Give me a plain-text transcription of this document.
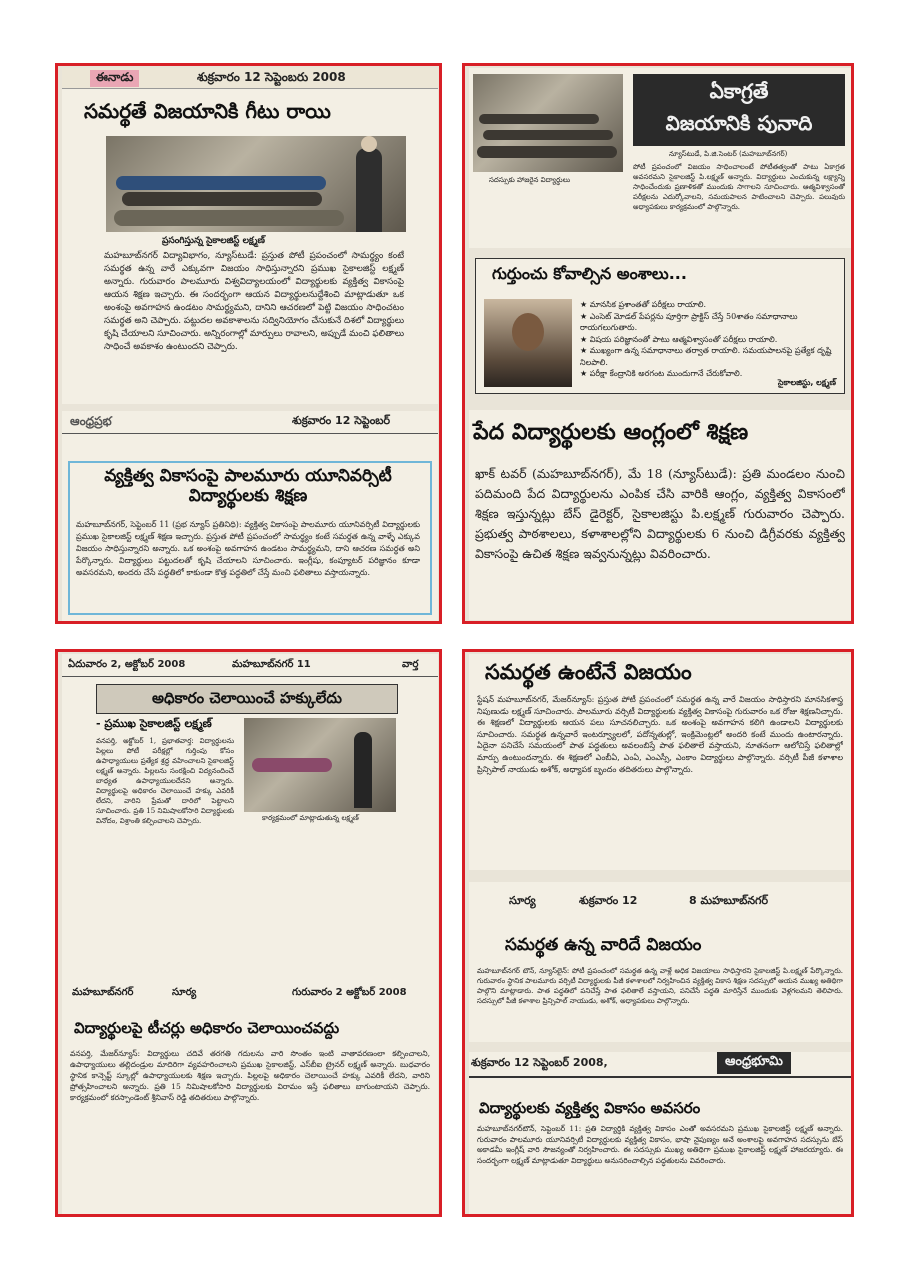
ఈనాడు	శుక్రవారం 12 సెప్టెంబరు 2008
సమర్థతే విజయానికి గీటు రాయి
ప్రసంగిస్తున్న సైకాలజిస్ట్ లక్ష్మణ్
మహబూబ్‌నగర్ విద్యావిభాగం, న్యూస్‌టుడే: ప్రస్తుత పోటీ ప్రపంచంలో సామర్థ్యం కంటే సమర్థత ఉన్న వారే ఎక్కువగా విజయం సాధిస్తున్నారని ప్రముఖ సైకాలజిస్ట్ లక్ష్మణ్ అన్నారు. గురువారం పాలమూరు విశ్వవిద్యాలయంలో విద్యార్థులకు వ్యక్తిత్వ వికాసంపై ఆయన శిక్షణ ఇచ్చారు. ఈ సందర్భంగా ఆయన విద్యార్థులనుద్దేశించి మాట్లాడుతూ ఒక అంశంపై అవగాహన ఉండటం సామర్థ్యమని, దానిని ఆచరణలో పెట్టి విజయం సాధించటం సమర్థత అని చెప్పారు. పట్టుదల అవకాశాలను సద్వినియోగం చేసుకునే దిశలో విద్యార్థులు కృషి చేయాలని సూచించారు. అన్నిరంగాల్లో మార్పులు రావాలని, అప్పుడే మంచి ఫలితాలు సాధించే అవకాశం ఉంటుందని చెప్పారు.
ఆంధ్రప్రభ	శుక్రవారం 12 సెప్టెంబర్
వ్యక్తిత్వ వికాసంపై పాలమూరు యూనివర్సిటీ విద్యార్థులకు శిక్షణ
మహబూబ్‌నగర్, సెప్టెంబర్ 11 (ప్రభ న్యూస్ ప్రతినిధి): వ్యక్తిత్వ వికాసంపై పాలమూరు యూనివర్సిటీ విద్యార్థులకు ప్రముఖ సైకాలజిస్ట్ లక్ష్మణ్ శిక్షణ ఇచ్చారు. ప్రస్తుత పోటీ ప్రపంచంలో సామర్థ్యం కంటే సమర్థత ఉన్న వాళ్ళే ఎక్కువ విజయం సాధిస్తున్నారని అన్నారు. ఒక అంశంపై అవగాహన ఉండటం సామర్థ్యమని, దాని ఆచరణ సమర్థత అని పేర్కొన్నారు. విద్యార్థులు పట్టుదలతో కృషి చేయాలని సూచించారు. ఇంగ్లీషు, కంప్యూటర్ పరిజ్ఞానం కూడా అవసరమని, అందరు చేసే పద్ధతిలో కాకుండా కొత్త పద్ధతిలో చేస్తే మంచి ఫలితాలు వస్తాయన్నారు.
సదస్సుకు హాజరైన విద్యార్థులు
ఏకాగ్రతే
విజయానికి పునాది
న్యూస్‌టుడే, పి.జి.సెంటర్ (మహబూబ్‌నగర్)
పోటీ ప్రపంచంలో విజయం సాధించాలంటే పోటీతత్వంతో పాటు ఏకాగ్రత అవసరమని సైకాలజిస్ట్ పి.లక్ష్మణ్ అన్నారు. విద్యార్థులు ఎంచుకున్న లక్ష్యాన్ని సాధించేందుకు ప్రణాళికతో ముందుకు సాగాలని సూచించారు. ఆత్మవిశ్వాసంతో పరీక్షలను ఎదుర్కోవాలని, సమయపాలన పాటించాలని చెప్పారు. పలువురు అధ్యాపకులు కార్యక్రమంలో పాల్గొన్నారు.
గుర్తుంచు కోవాల్సిన అంశాలు...
★ మానసిక ప్రశాంతతో పరీక్షలు రాయాలి.
★ ఎంసెట్ మోడల్ పేపర్లను పూర్తిగా ప్రాక్టిస్ చేస్తే 50శాతం సమాధానాలు రాయగలుగుతారు.
★ విషయ పరిజ్ఞానంతో పాటు ఆత్మవిశ్వాసంతో పరీక్షలు రాయాలి.
★ ముఖ్యంగా ఉన్న సమాధానాలు తర్వాత రాయాలి. సమయపాలనపై ప్రత్యేక దృష్టి నిలపాలి.
★ పరీక్షా కేంద్రానికి అరగంట ముందుగానే చేరుకోవాలి.
సైకాలజిస్టు, లక్ష్మణ్
పేద విద్యార్థులకు ఆంగ్లంలో శిక్షణ
ఖాక్ టవర్ (మహబూబ్‌నగర్), మే 18 (న్యూస్‌టుడే): ప్రతి మండలం నుంచి పదిమంది పేద విద్యార్థులను ఎంపిక చేసి వారికి ఆంగ్లం, వ్యక్తిత్వ వికాసంలో శిక్షణ ఇస్తున్నట్లు బేస్ డైరెక్టర్, సైకాలజిస్టు పి.లక్ష్మణ్ గురువారం చెప్పారు. ప్రభుత్వ పాఠశాలలు, కళాశాలల్లోని విద్యార్థులకు 6 నుంచి డిగ్రీవరకు వ్యక్తిత్వ వికాసంపై ఉచిత శిక్షణ ఇవ్వనున్నట్లు వివరించారు.
ఏదువారం 2, అక్టోబర్ 2008	మహబూబ్‌నగర్ 11	వార్త
అధికారం చెలాయించే హక్కులేదు
- ప్రముఖ సైకాలజిస్ట్ లక్ష్మణ్
వనపర్తి, అక్టోబర్ 1, ప్రభాతవార్త: విద్యార్థులను పిల్లలు పోటీ పరీక్షల్లో గుర్తింపు కోసం ఉపాధ్యాయులు ప్రత్యేక శ్రద్ధ వహించాలని సైకాలజిస్ట్ లక్ష్మణ్ అన్నారు. పిల్లలను సంరక్షించి విద్యనందించే బాధ్యత ఉపాధ్యాయులదేనని అన్నారు. విద్యార్థులపై అధికారం చెలాయించే హక్కు ఎవరికీ లేదని, వారిని ప్రేమతో దారిలో పెట్టాలని సూచించారు. ప్రతి 15 నిమిషాలకోసారి విద్యార్థులకు వినోదం, విశ్రాంతి కల్పించాలని చెప్పారు.	కార్యక్రమంలో మాట్లాడుతున్న లక్ష్మణ్
మహబూబ్‌నగర్	సూర్య	గురువారం 2 అక్టోబర్ 2008
విద్యార్థులపై టీచర్లు అధికారం చెలాయించవద్దు
వనపర్తి, మేజర్‌న్యూస్: విద్యార్థులు చదివే తరగతి గదులను వారి సొంతం ఇంటి వాతావరణంలా కల్పించాలని, ఉపాధ్యాయులు తల్లిదండ్రుల మాదిరిగా వ్యవహరించాలని ప్రముఖ సైకాలజిస్ట్, ఎస్‌బీఐ ట్రైనర్ లక్ష్మణ్ అన్నారు. బుధవారం స్థానిక కాన్సెప్ట్ స్కూల్లో ఉపాధ్యాయులకు శిక్షణ ఇచ్చారు. పిల్లలపై అధికారం చెలాయించే హక్కు ఎవరికీ లేదని, వారిని ప్రోత్సహించాలని అన్నారు. ప్రతి 15 నిమిషాలకోసారి విద్యార్థులకు విరామం ఇస్తే ఫలితాలు బాగుంటాయని చెప్పారు. కార్యక్రమంలో కరస్పాండెంట్ శ్రీనివాస్ రెడ్డి తదితరులు పాల్గొన్నారు.
సమర్థత ఉంటేనే విజయం
స్టేషన్ మహబూబ్‌నగర్, మేజర్‌న్యూస్: ప్రస్తుత పోటీ ప్రపంచంలో సమర్థత ఉన్న వారే విజయం సాధిస్తారని మానసికశాస్త్ర నిపుణుడు లక్ష్మణ్ సూచించారు. పాలమూరు వర్సిటీ విద్యార్థులకు వ్యక్తిత్వ వికాసంపై గురువారం ఒక రోజు శిక్షణనిచ్చారు. ఈ శిక్షణలో విద్యార్థులకు ఆయన పలు సూచనలిచ్చారు. ఒక అంశంపై అవగాహన కలిగి ఉండాలని విద్యార్థులకు సూచించారు. సమర్థత ఉన్నవారే ఇంటర్వ్యూలలో, పదోన్నతుల్లో, ఇంక్రిమెంట్లలో అందరి కంటే ముందు ఉంటారన్నారు. ఏదైనా పనిచేసే సమయంలో పాత పద్ధతులు అవలంబిస్తే పాత ఫలితాలే వస్తాయని, నూతనంగా ఆలోచిస్తే ఫలితాల్లో మార్పు ఉంటుందన్నారు. ఈ శిక్షణలో ఎంబీఏ, ఎంఏ, ఎంఎస్సీ, ఎంకాం విద్యార్థులు పాల్గొన్నారు. వర్సిటీ పీజీ కళాశాల ప్రిన్సిపాల్ నాయుడు అశోక్, అధ్యాపక బృందం తదితరులు పాల్గొన్నారు.
సూర్య	శుక్రవారం 12	8 మహబూబ్‌నగర్
సమర్థత ఉన్న వారిదే విజయం
మహబూబ్‌నగర్ టౌన్, న్యూస్‌లైన్: పోటీ ప్రపంచంలో సమర్థత ఉన్న వాళ్లే అధిక విజయాలు సాధిస్తారని సైకాలజిస్ట్ పి.లక్ష్మణ్ పేర్కొన్నారు. గురువారం స్థానిక పాలమూరు వర్సిటీ విద్యార్థులకు పీజీ కళాశాలలో నిర్వహించిన వ్యక్తిత్వ వికాస శిక్షణ సదస్సులో ఆయన ముఖ్య అతిథిగా పాల్గొని మాట్లాడారు. పాత పద్ధతిలో పనిచేస్తే పాత ఫలితాలే వస్తాయని, పనిచేసే పద్ధతి మారిస్తేనే ముందుకు వెళ్లగలమని తెలిపారు. సదస్సులో పీజీ కళాశాల ప్రిన్సిపాల్ నాయుడు, అశోక్, అధ్యాపకులు పాల్గొన్నారు.
శుక్రవారం 12 సెప్టెంబర్ 2008,	ఆంధ్రభూమి
విద్యార్థులకు వ్యక్తిత్వ వికాసం అవసరం
మహబూబ్‌నగర్‌టౌన్, సెప్టెంబర్ 11: ప్రతి విద్యార్థికి వ్యక్తిత్వ వికాసం ఎంతో అవసరమని ప్రముఖ సైకాలజిస్ట్ లక్ష్మణ్ అన్నారు. గురువారం పాలమూరు యూనివర్సిటీ విద్యార్థులకు వ్యక్తిత్వ వికాసం, భాషా నైపుణ్యం అనే అంశాలపై అవగాహన సదస్సును బేస్ అకాడమీ ఇంగ్లీష్ వారి సౌజన్యంతో నిర్వహించారు. ఈ సదస్సుకు ముఖ్య అతిథిగా ప్రముఖ సైకాలజిస్ట్ లక్ష్మణ్ హాజరయ్యారు. ఈ సందర్భంగా లక్ష్మణ్ మాట్లాడుతూ విద్యార్థులు అనుసరించాల్సిన పద్ధతులను వివరించారు.
